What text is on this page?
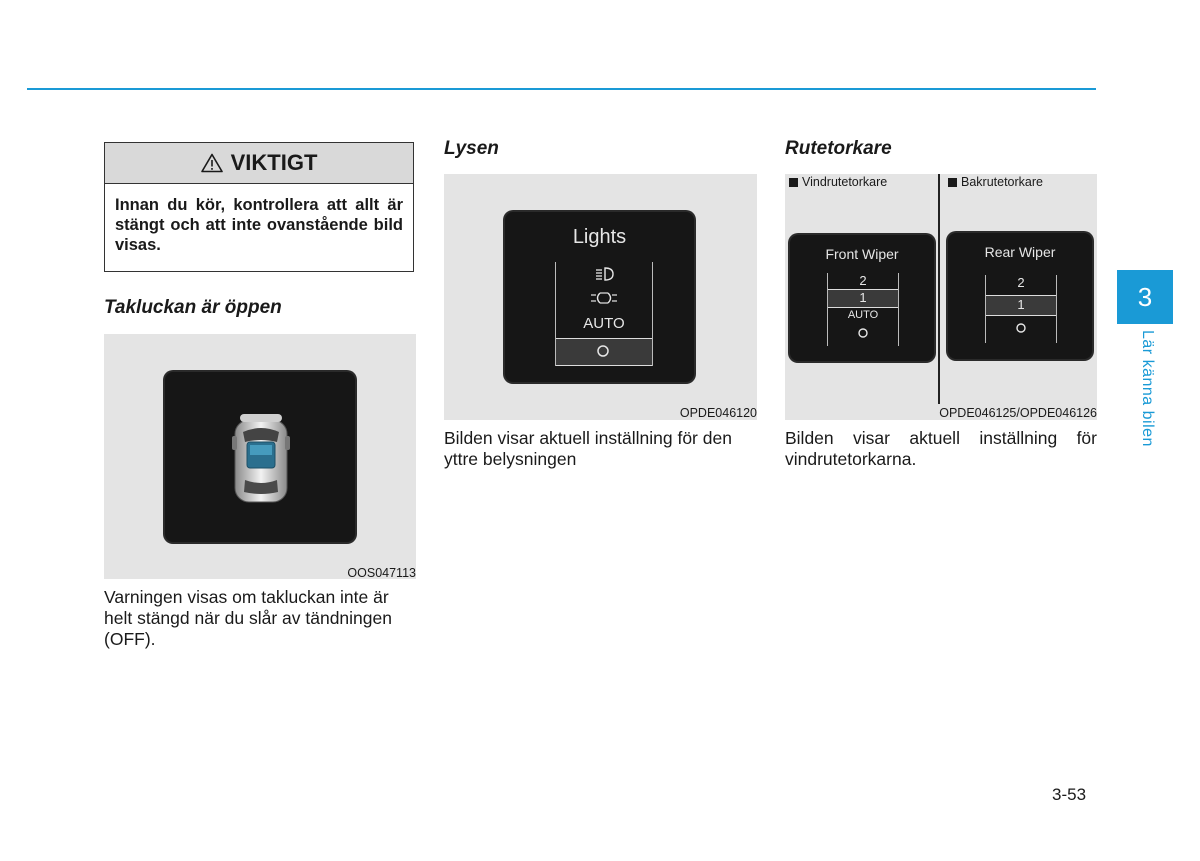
VIKTIGT
Innan du kör, kontrollera att allt är stängt och att inte ovanstående bild visas.
Takluckan är öppen
OOS047113
Varningen visas om takluckan inte är helt stängd när du slår av tändningen (OFF).
Lysen
Lights
AUTO
OPDE046120
Bilden visar aktuell inställning för den yttre belysningen
Rutetorkare
Vindrutetorkare	Bakrutetorkare
Front Wiper
2
1
AUTO
Rear Wiper
2
1
OPDE046125/OPDE046126
Bilden visar aktuell inställning för vindrutetorkarna.
3
Lär känna bilen
3-53
